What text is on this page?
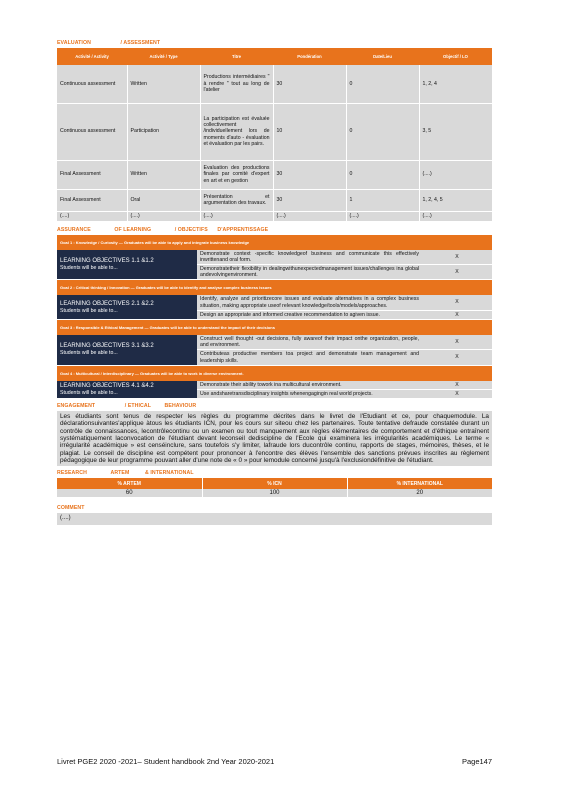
EVALUATION	/ ASSESSMENT
Activité / Activity	Activité / Type	Titre	Pondération	Date/Lieu	Objectif / LO
Continuous assessment	Written	Productions intermédiaires " à rendre " tout au long de l'atelier	30	0	1, 2, 4
Continuous assessment	Participation	La participation est évaluée collectivement /individuellement lors de moments d'auto - évaluation et évaluation par les pairs.	10	0	3, 5
Final Assessment	Written	Evaluation des productions finales par comité d'expert en art et en gestion	30	0	(....)
Final Assessment	Oral	Présentation et argumentation des travaux.	30	1	1, 2, 4, 5
(....)	(....)	(....)	(....)	(....)	(....)
ASSURANCE	OF LEARNING	/ OBJECTIFS D'APPRENTISSAGE
Goal 1 : Knowledge / Curiosity — Graduates will be able to apply and integrate business knowledge		

LEARNING OBJECTIVES 1.1 &1.2
Students will be able to...	Demonstrate context -specific knowledgeof business and communicate this effectively inwrittenand oral form.	X
	Demonstratetheir flexibility in dealingwithunexpectedmanagement issues/challenges ina global andevolvingenvironment.	X
Goal 2 : Critical thinking / Innovation — Graduates will be able to identify and analyse complex business issues		

LEARNING OBJECTIVES 2.1 &2.2
Students will be able to...	Identify, analyze and prioritizecore issues and evaluate alternatives in a complex business situation, making appropriate useof relevant knowledge/tools/models/approaches.	X
	Design an appropriate and informed creative recommendation to agiven issue.	X
Goal 3 : Responsible & Ethical Management — Graduates will be able to understand the impact of their decisions		

LEARNING OBJECTIVES 3.1 &3.2
Students will be able to...	Construct well thought -out decisions, fully awareof their impact onthe organization, people, and environment.	X
	Contributeas productive members toa project and demonstrate team management and leadership skills.	X
Goal 4 : Multicultural / Interdisciplinary — Graduates will be able to work in diverse environment.		

LEARNING OBJECTIVES 4.1 &4.2
Students will be able to...	Demonstrate their ability towork ina multicultural environment.	X
	Use andsharetransdisciplinary insights whenengagingin real world projects.	X
ENGAGEMENT	/ ETHICAL	BEHAVIOUR
Les étudiants sont tenus de respecter les règles du programme décrites dans le livret de l'Etudiant et ce, pour chaquemodule. La déclarationsuivantes'applique àtous les étudiants ICN, pour les cours sur siteou chez les partenaires. Toute tentative defraude constatée durant un contrôle de connaissances, lecontrôlecontinu ou un examen ou tout manquement aux règles élémentaires de comportement et d'éthique entraînent systématiquement laconvocation de l'étudiant devant leconseil dediscipline de l'Ecole qui examinera les irrégularités académiques. Le terme « irrégularité académique » est censéinclure, sans toutefois s'y limiter, lafraude lors ducontrôle continu, rapports de stages, mémoires, thèses, et le plagiat. Le conseil de discipline est compétent pour prononcer à l'encontre des élèves l'ensemble des sanctions prévues inscrites au règlement pédagogique de leur programme pouvant aller d'une note de « 0 » pour lemodule concerné jusqu'à l'exclusiondéfinitive de l'étudiant.
RESEARCH	ARTEM	& INTERNATIONAL
% ARTEM	% ICN	% INTERNATIONAL
60	100	20
COMMENT
(....)
Livret PGE2 2020 -2021– Student handbook 2nd Year 2020-2021	Page147
